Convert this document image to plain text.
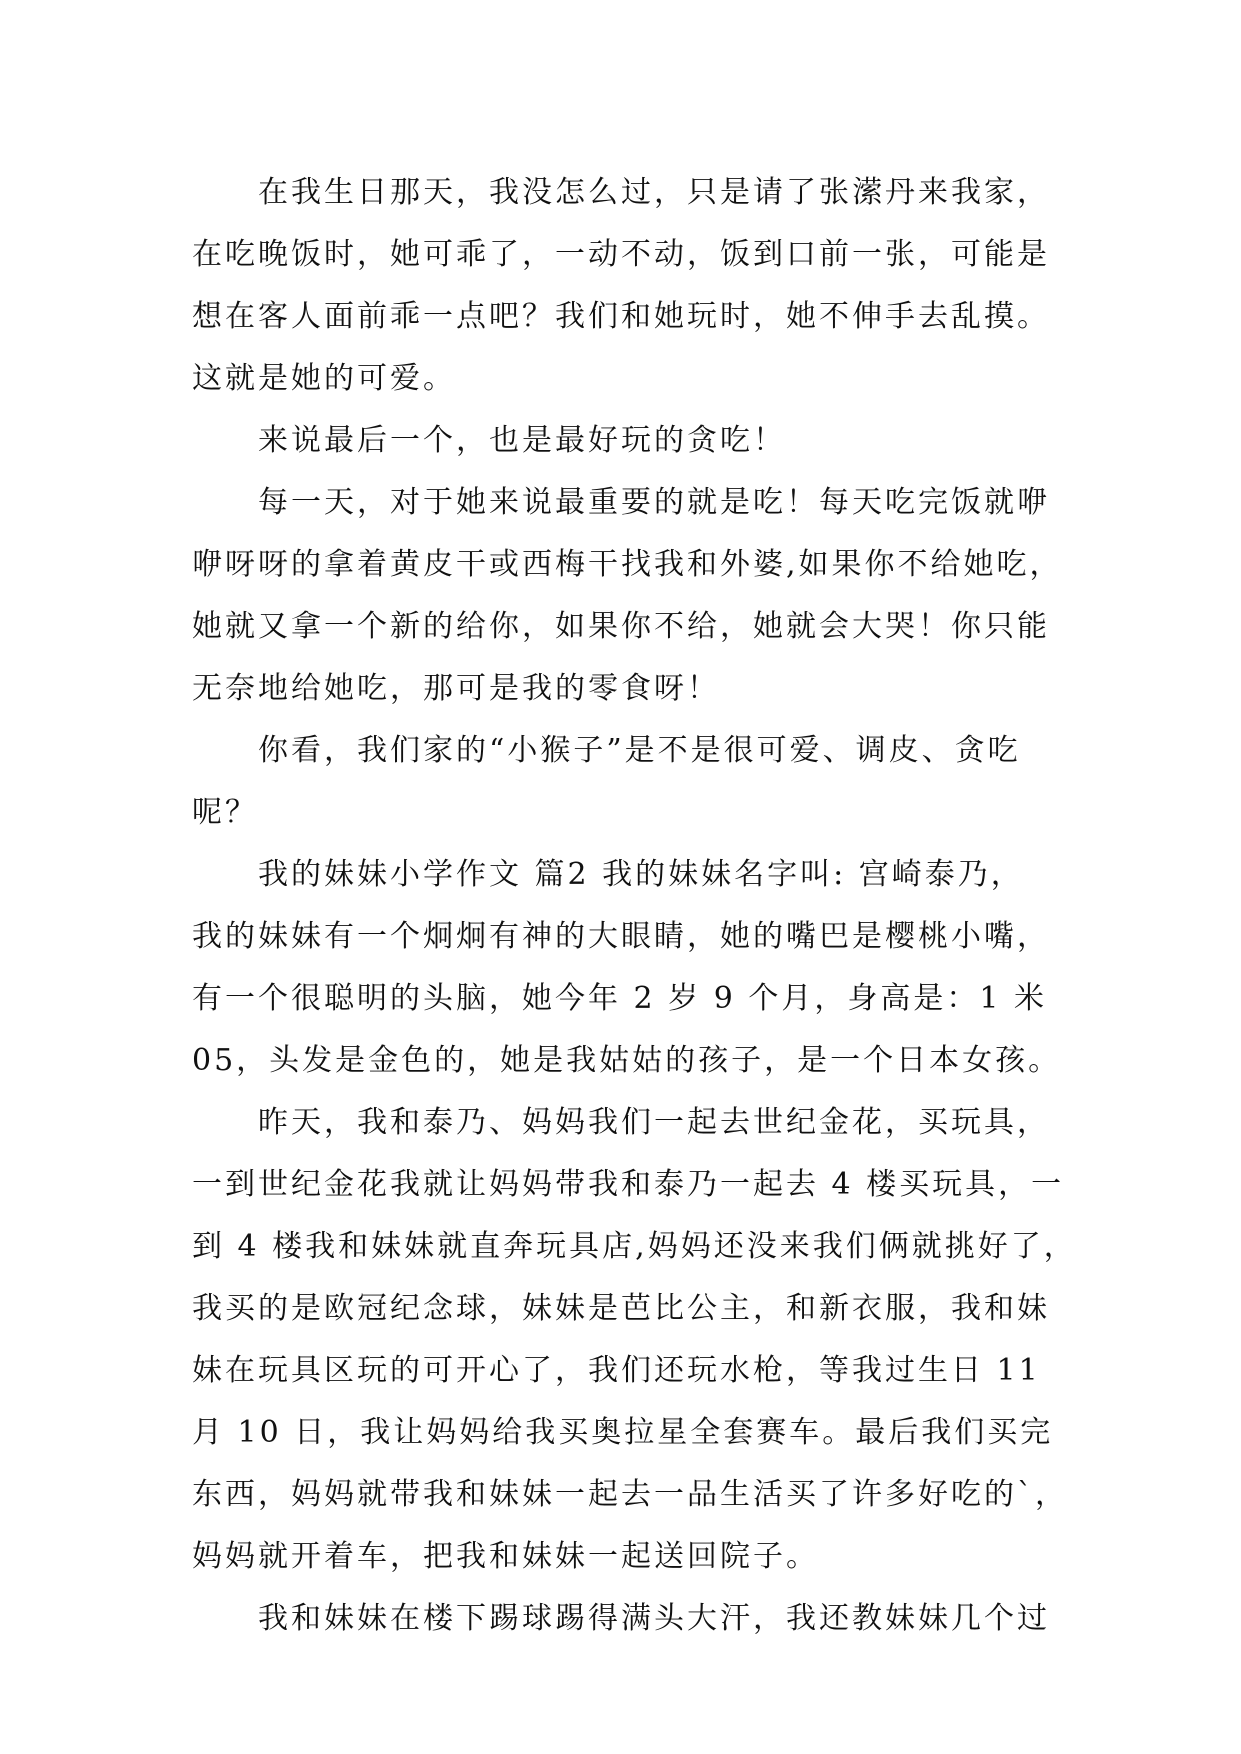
在我生日那天，我没怎么过，只是请了张潆丹来我家，
在吃晚饭时，她可乖了，一动不动，饭到口前一张，可能是
想在客人面前乖一点吧？我们和她玩时，她不伸手去乱摸。
这就是她的可爱。
来说最后一个，也是最好玩的贪吃！
每一天，对于她来说最重要的就是吃！每天吃完饭就咿
咿呀呀的拿着黄皮干或西梅干找我和外婆,如果你不给她吃，
她就又拿一个新的给你，如果你不给，她就会大哭！你只能
无奈地给她吃，那可是我的零食呀！
你看，我们家的“小猴子”是不是很可爱、调皮、贪吃
呢？
我的妹妹小学作文 篇2 我的妹妹名字叫: 宫崎泰乃，
我的妹妹有一个炯炯有神的大眼睛，她的嘴巴是樱桃小嘴，
有一个很聪明的头脑，她今年 2 岁 9 个月，身高是：1 米
05，头发是金色的，她是我姑姑的孩子，是一个日本女孩。
昨天，我和泰乃、妈妈我们一起去世纪金花，买玩具，
一到世纪金花我就让妈妈带我和泰乃一起去 4 楼买玩具，一
到 4 楼我和妹妹就直奔玩具店,妈妈还没来我们俩就挑好了，
我买的是欧冠纪念球，妹妹是芭比公主，和新衣服，我和妹
妹在玩具区玩的可开心了，我们还玩水枪，等我过生日 11
月 10 日，我让妈妈给我买奥拉星全套赛车。最后我们买完
东西，妈妈就带我和妹妹一起去一品生活买了许多好吃的`，
妈妈就开着车，把我和妹妹一起送回院子。
我和妹妹在楼下踢球踢得满头大汗，我还教妹妹几个过
